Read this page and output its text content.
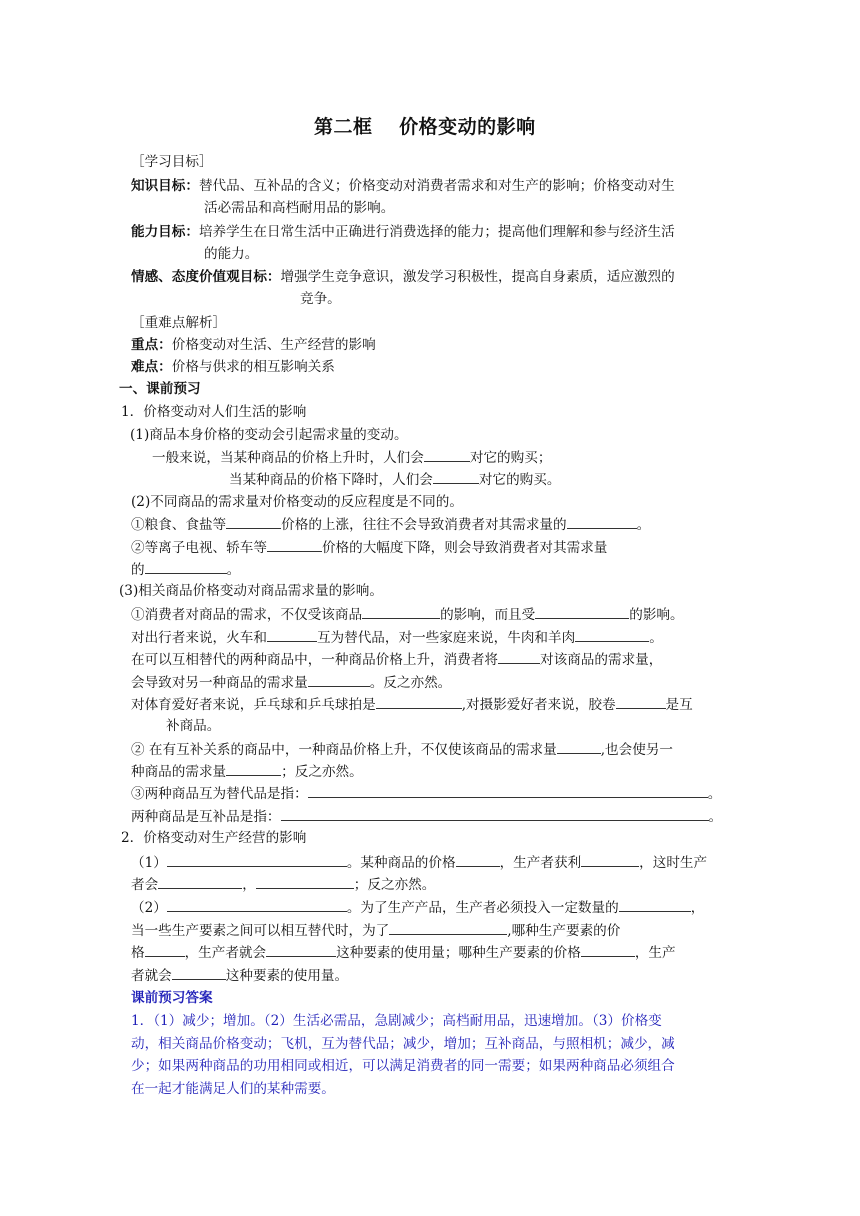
第二框　 价格变动的影响
［学习目标］
知识目标：替代品、互补品的含义；价格变动对消费者需求和对生产的影响；价格变动对生
活必需品和高档耐用品的影响。
能力目标：培养学生在日常生活中正确进行消费选择的能力；提高他们理解和参与经济生活
的能力。
情感、态度价值观目标：增强学生竞争意识，激发学习积极性，提高自身素质，适应激烈的
竞争。
［重难点解析］
重点：价格变动对生活、生产经营的影响
难点：价格与供求的相互影响关系
一、课前预习
1．价格变动对人们生活的影响
(1)商品本身价格的变动会引起需求量的变动。
一般来说，当某种商品的价格上升时，人们会	对它的购买；
当某种商品的价格下降时，人们会	对它的购买。
(2)不同商品的需求量对价格变动的反应程度是不同的。
①粮食、食盐等	价格的上涨，往往不会导致消费者对其需求量的	。
②等离子电视、轿车等	价格的大幅度下降，则会导致消费者对其需求量
的	。
(3)相关商品价格变动对商品需求量的影响。
①消费者对商品的需求，不仅受该商品	的影响，而且受	的影响。
对出行者来说，火车和	互为替代品，对一些家庭来说，牛肉和羊肉	。
在可以互相替代的两种商品中，一种商品价格上升，消费者将	对该商品的需求量，
会导致对另一种商品的需求量	。反之亦然。
对体育爱好者来说，乒乓球和乒乓球拍是	,对摄影爱好者来说，胶卷	是互
补商品。
② 在有互补关系的商品中，一种商品价格上升，不仅使该商品的需求量	,也会使另一
种商品的需求量	；反之亦然。
③两种商品互为替代品是指：	。
两种商品是互补品是指：	。
2．价格变动对生产经营的影响
（1）	。某种商品的价格	，生产者获利	，这时生产
者会	，	；反之亦然。
（2）	。为了生产产品，生产者必须投入一定数量的	，
当一些生产要素之间可以相互替代时，为了	,哪种生产要素的价
格	，生产者就会	这种要素的使用量；哪种生产要素的价格	，生产
者就会	这种要素的使用量。
课前预习答案
1．（1）减少；增加。（2）生活必需品，急剧减少；高档耐用品，迅速增加。（3）价格变
动，相关商品价格变动；飞机，互为替代品；减少，增加；互补商品，与照相机；减少，减
少；如果两种商品的功用相同或相近，可以满足消费者的同一需要；如果两种商品必须组合
在一起才能满足人们的某种需要。
